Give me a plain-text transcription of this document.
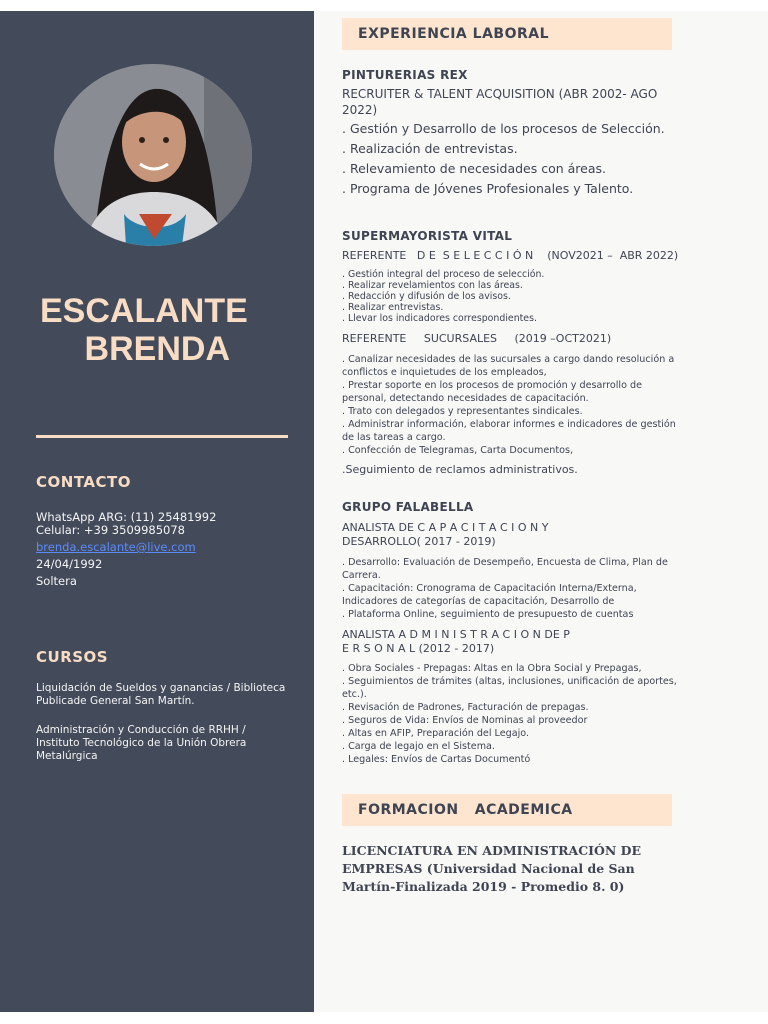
ESCALANTE
BRENDA
CONTACTO
WhatsApp ARG: (11) 25481992
Celular: +39 3509985078
brenda.escalante@live.com
24/04/1992
Soltera
CURSOS

Liquidación de Sueldos y ganancias / Biblioteca Publicade General San Martín.

Administración y Conducción de RRHH / Instituto Tecnológico de la Unión Obrera Metalúrgica

EXPERIENCIA LABORAL

PINTURERIAS REX

RECRUITER & TALENT ACQUISITION (ABR 2002- AGO 2022)

. Gestión y Desarrollo de los procesos de Selección.

. Realización de entrevistas.

. Relevamiento de necesidades con áreas.

. Programa de Jóvenes Profesionales y Talento.

SUPERMAYORISTA VITAL

REFERENTE   D E  S E L E C C I Ó N    (NOV2021 –  ABR 2022)

. Gestión integral del proceso de selección.

. Realizar revelamientos con las áreas.

. Redacción y difusión de los avisos.

. Realizar entrevistas.

. Llevar los indicadores correspondientes.

REFERENTE     SUCURSALES     (2019 –OCT2021)

. Canalizar necesidades de las sucursales a cargo dando resolución a conflictos e inquietudes de los empleados,

. Prestar soporte en los procesos de promoción y desarrollo de personal, detectando necesidades de capacitación.

. Trato con delegados y representantes sindicales.

. Administrar información, elaborar informes e indicadores de gestión de las tareas a cargo.

. Confección de Telegramas, Carta Documentos,

.Seguimiento de reclamos administrativos.

GRUPO FALABELLA

ANALISTA DE C A P A C I T A C I O N Y DESARROLLO( 2017 - 2019)

. Desarrollo: Evaluación de Desempeño, Encuesta de Clima, Plan de Carrera.

. Capacitación: Cronograma de Capacitación Interna/Externa, Indicadores de categorías de capacitación, Desarrollo de

. Plataforma Online, seguimiento de presupuesto de cuentas

ANALISTA A D M I N I S T R A C I O N DE P E R S O N A L (2012 - 2017)

. Obra Sociales - Prepagas: Altas en la Obra Social y Prepagas,

. Seguimientos de trámites (altas, inclusiones, unificación de aportes, etc.).

. Revisación de Padrones, Facturación de prepagas.

. Seguros de Vida: Envíos de Nominas al proveedor

. Altas en AFIP, Preparación del Legajo.

. Carga de legajo en el Sistema.

. Legales: Envíos de Cartas Documentó

FORMACION   ACADEMICA

LICENCIATURA EN ADMINISTRACIÓN DE EMPRESAS (Universidad Nacional de San Martín-Finalizada 2019 - Promedio 8. 0)
